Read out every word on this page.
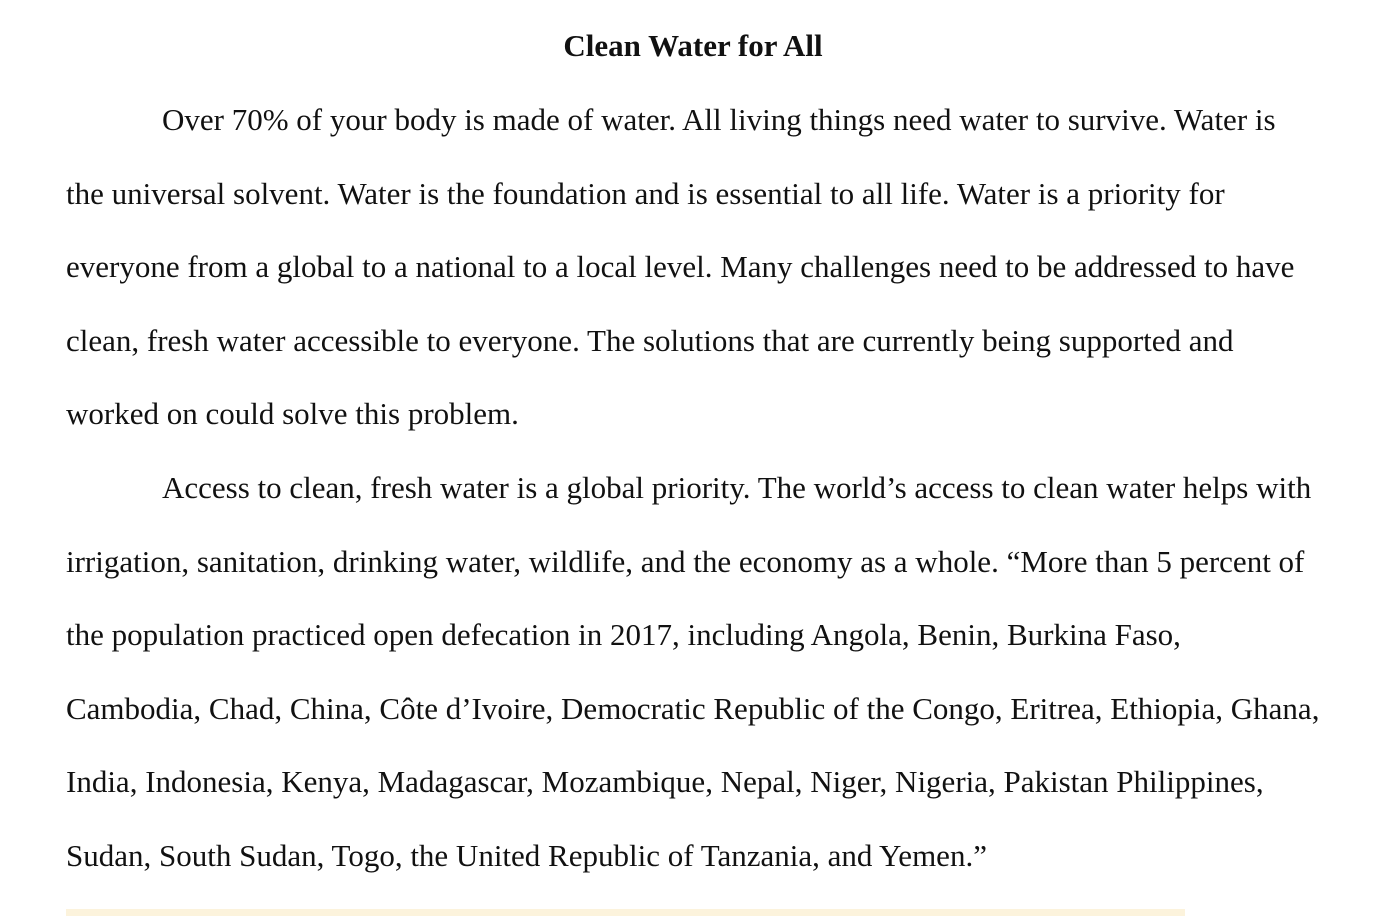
Clean Water for All

Over 70% of your body is made of water. All living things need water to survive. Water is the universal solvent. Water is the foundation and is essential to all life. Water is a priority for everyone from a global to a national to a local level. Many challenges need to be addressed to have clean, fresh water accessible to everyone. The solutions that are currently being supported and worked on could solve this problem.

Access to clean, fresh water is a global priority. The world’s access to clean water helps with irrigation, sanitation, drinking water, wildlife, and the economy as a whole. “More than 5 percent of the population practiced open defecation in 2017, including Angola, Benin, Burkina Faso, Cambodia, Chad, China, Côte d’Ivoire, Democratic Republic of the Congo, Eritrea, Ethiopia, Ghana, India, Indonesia, Kenya, Madagascar, Mozambique, Nepal, Niger, Nigeria, Pakistan Philippines, Sudan, South Sudan, Togo, the United Republic of Tanzania, and Yemen.”
